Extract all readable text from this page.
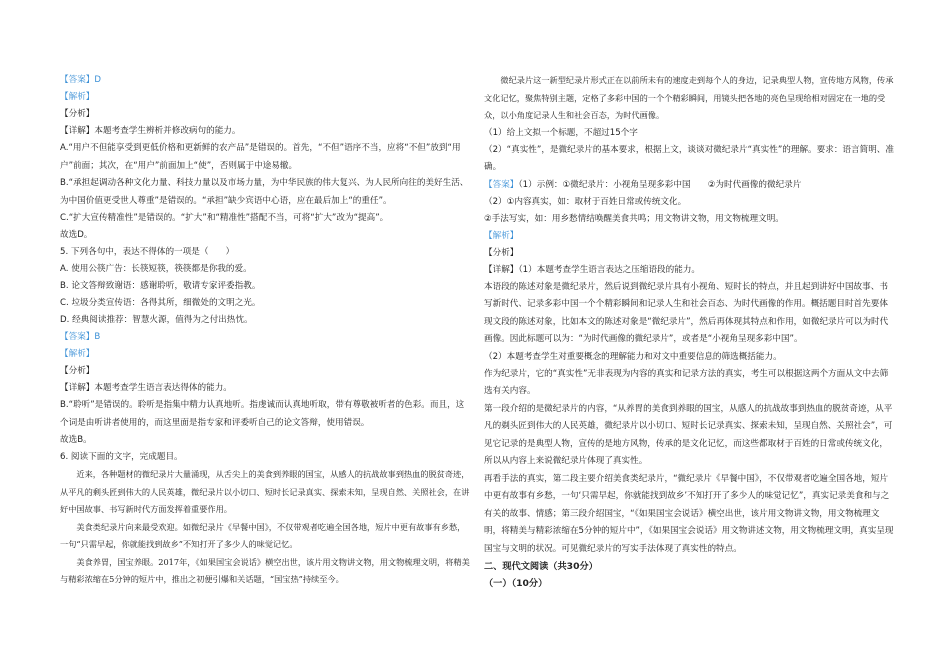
【答案】D
【解析】
【分析】
【详解】本题考查学生辨析并修改病句的能力。
A.“用户不但能享受到更低价格和更新鲜的农产品”是错误的。首先，“不但”语序不当，应将“不但”放到“用户”前面；其次，在“用户”前面加上“使”，否则属于中途易辙。
B.“承担起调动各种文化力量、科技力量以及市场力量，为中华民族的伟大复兴、为人民所向往的美好生活、为中国价值更受世人尊重”是错误的。“承担”缺少宾语中心语，应在最后加上“的重任”。
C.“扩大宣传精准性”是错误的。“扩大”和“精准性”搭配不当，可将“扩大”改为“提高”。
故选D。
5. 下列各句中，表达不得体的一项是（　　）
A. 使用公筷广告：长筷短筷，筷筷都是你我的爱。
B. 论文答辩致谢语：感谢聆听，敬请专家评委指教。
C. 垃圾分类宣传语：各得其所，细微处的文明之光。
D. 经典阅读推荐：智慧火源，值得为之付出热忱。
【答案】B
【解析】
【分析】
【详解】本题考查学生语言表达得体的能力。
B.“聆听”是错误的。聆听是指集中精力认真地听。指虔诚而认真地听取，带有尊敬被听者的色彩。而且，这个词是由听讲者使用的，而这里面是指专家和评委听自己的论文答辩，使用错误。
故选B。
6. 阅读下面的文字，完成题目。
近来，各种题材的微纪录片大量涌现，从舌尖上的美食到养眼的国宝，从感人的抗战故事到热血的脱贫奇迹，从平凡的剩头匠到伟大的人民英雄，微纪录片以小切口、短时长记录真实、探索未知，呈现自然、关照社会，在讲好中国故事、书写新时代方面发挥着重要作用。
美食类纪录片向来最受欢迎。如微纪录片《早餐中国》，不仅带观者吃遍全国各地，短片中更有故事有乡愁，一句“只需早起，你就能找到故乡”不知打开了多少人的味觉记忆。
美食养胃，国宝养眼。2017年，《如果国宝会说话》横空出世，该片用文物讲文物，用文物梳理文明，将精美与精彩浓缩在5分钟的短片中，推出之初便引爆和关话题，“国宝热”持续至今。
微纪录片这一新型纪录片形式正在以前所未有的速度走到每个人的身边，记录典型人物，宣传地方风物，传承文化记忆，聚焦特别主题，定格了多彩中国的一个个精彩瞬间，用镜头把各地的亮色呈现给相对固定在一地的受众，以小角度记录人生和社会百态，为时代画像。
（1）给上文拟一个标题，不超过15个字
（2）“真实性”，是微纪录片的基本要求，根据上文，谈谈对微纪录片“真实性”的理解。要求：语言简明、准确。
【答案】（1）示例：①微纪录片：小视角呈现多彩中国　　②为时代画像的微纪录片
（2）①内容真实，如：取材于百姓日常或传统文化。
②手法写实，如：用乡愁情结唤醒美食共鸣；用文物讲文物，用文物梳理文明。
【解析】
【分析】
【详解】（1）本题考查学生语言表达之压缩语段的能力。
本语段的陈述对象是微纪录片，然后说到微纪录片具有小视角、短时长的特点，并且起到讲好中国故事、书写新时代、记录多彩中国一个个精彩瞬间和记录人生和社会百态、为时代画像的作用。概括题目时首先要体现文段的陈述对象，比如本文的陈述对象是“微纪录片”，然后再体现其特点和作用，如微纪录片可以为时代画像。因此标题可以为：“为时代画像的微纪录片”，或者是“小视角呈现多彩中国”。
（2）本题考查学生对重要概念的理解能力和对文中重要信息的筛选概括能力。
作为纪录片，它的“真实性”无非表现为内容的真实和记录方法的真实，考生可以根据这两个方面从文中去筛选有关内容。
第一段介绍的是微纪录片的内容，“从养胃的美食到养眼的国宝，从感人的抗战故事到热血的脱贫奇迹，从平凡的剃头匠到伟大的人民英雄，微纪录片以小切口、短时长记录真实、探索未知，呈现自然、关照社会”，可见它记录的是典型人物，宣传的是地方风物，传承的是文化记忆，而这些都取材于百姓的日常或传统文化，所以从内容上来说微纪录片体现了真实性。
再看手法的真实，第二段主要介绍美食类纪录片，“微纪录片《早餐中国》，不仅带观者吃遍全国各地，短片中更有故事有乡愁，一句‘只需早起，你就能找到故乡’不知打开了多少人的味觉记忆”，真实记录美食和与之有关的故事、情感；第三段介绍国宝，“《如果国宝会说话》横空出世，该片用文物讲文物，用文物梳理文明，将精美与精彩浓缩在5分钟的短片中”，《如果国宝会说话》用文物讲述文物，用文物梳理文明，真实呈现国宝与文明的状况。可见微纪录片的写实手法体现了真实性的特点。
二、现代文阅读（共30分）
（一）（10分）
